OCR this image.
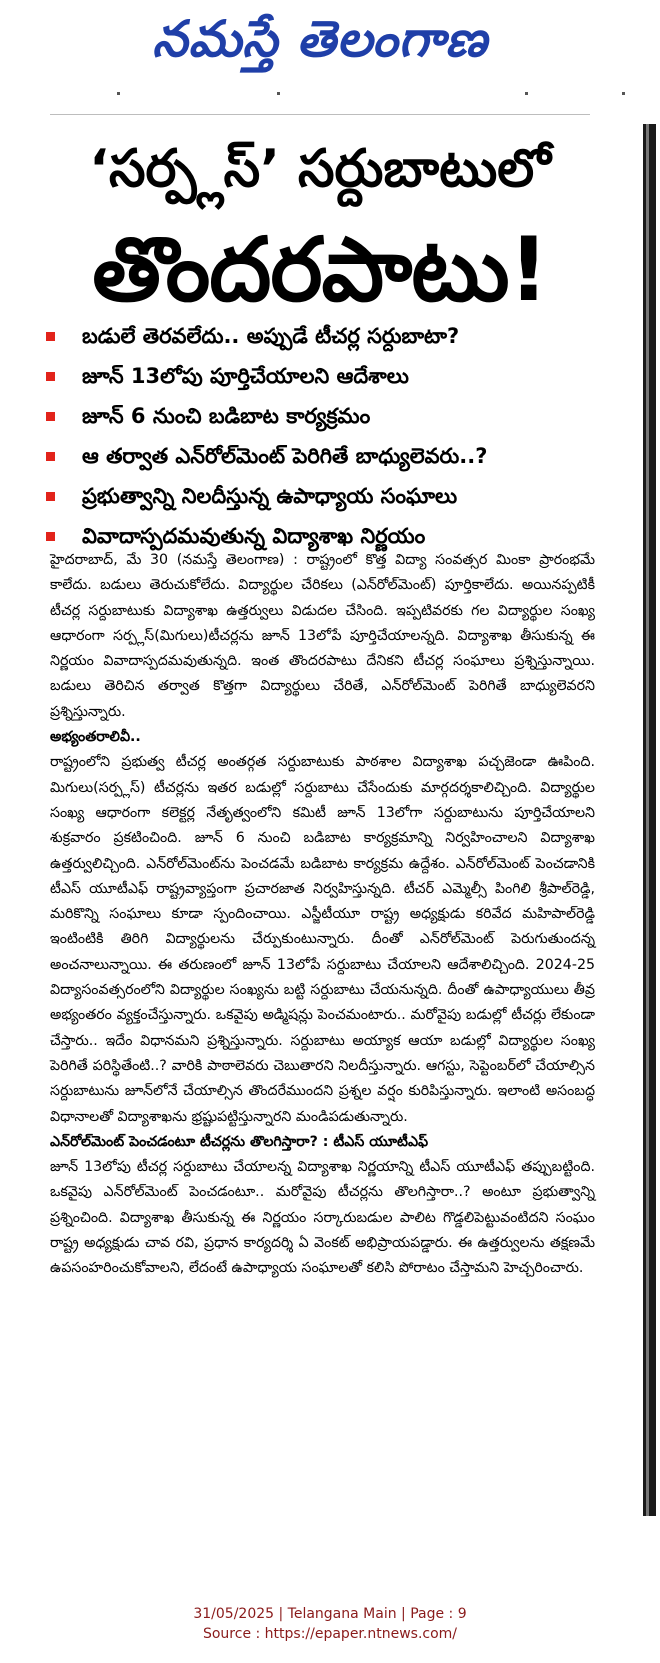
నమస్తే తెలంగాణ
‘సర్ప్లస్’ సర్దుబాటులో
తొందరపాటు!
బడులే తెరవలేదు.. అప్పుడే టీచర్ల సర్దుబాటా?
జూన్ 13లోపు పూర్తిచేయాలని ఆదేశాలు
జూన్ 6 నుంచి బడిబాట కార్యక్రమం
ఆ తర్వాత ఎన్‌రోల్‌మెంట్ పెరిగితే బాధ్యులెవరు..?
ప్రభుత్వాన్ని నిలదీస్తున్న ఉపాధ్యాయ సంఘాలు
వివాదాస్పదమవుతున్న విద్యాశాఖ నిర్ణయం

హైదరాబాద్, మే 30 (నమస్తే తెలంగాణ) : రాష్ట్రంలో కొత్త విద్యా సంవత్సర మింకా ప్రారంభమే కాలేదు. బడులు తెరుచుకోలేదు. విద్యార్థుల చేరికలు (ఎన్‌రోల్‌మెంట్) పూర్తికాలేదు. అయినప్పటికీ టీచర్ల సర్దుబాటుకు విద్యాశాఖ ఉత్తర్వులు విడుదల చేసింది. ఇప్పటివరకు గల విద్యార్థుల సంఖ్య ఆధారంగా సర్ప్లస్(మిగులు)టీచర్లను జూన్ 13లోపే పూర్తిచేయాలన్నది. విద్యాశాఖ తీసుకున్న ఈ నిర్ణయం వివాదాస్పదమవుతున్నది. ఇంత తొందరపాటు దేనికని టీచర్ల సంఘాలు ప్రశ్నిస్తున్నాయి. బడులు తెరిచిన తర్వాత కొత్తగా విద్యార్థులు చేరితే, ఎన్‌రోల్‌మెంట్ పెరిగితే బాధ్యులెవరని ప్రశ్నిస్తున్నారు.

అభ్యంతరాలివీ..

రాష్ట్రంలోని ప్రభుత్వ టీచర్ల అంతర్గత సర్దుబాటుకు పాఠశాల విద్యాశాఖ పచ్చజెండా ఊపింది. మిగులు(సర్ప్లస్) టీచర్లను ఇతర బడుల్లో సర్దుబాటు చేసేందుకు మార్గదర్శకాలిచ్చింది. విద్యార్థుల సంఖ్య ఆధారంగా కలెక్టర్ల నేతృత్వంలోని కమిటీ జూన్ 13లోగా సర్దుబాటును పూర్తిచేయాలని శుక్రవారం ప్రకటించింది. జూన్ 6 నుంచి బడిబాట కార్యక్రమాన్ని నిర్వహించాలని విద్యాశాఖ ఉత్తర్వులిచ్చింది. ఎన్‌రోల్‌మెంట్‌ను పెంచడమే బడిబాట కార్యక్రమ ఉద్దేశం. ఎన్‌రోల్‌మెంట్ పెంచడానికి టీఎస్ యూటీఎఫ్ రాష్ట్రవ్యాప్తంగా ప్రచారజాత నిర్వహిస్తున్నది. టీచర్ ఎమ్మెల్సీ పింగిలి శ్రీపాల్‌రెడ్డి, మరికొన్ని సంఘాలు కూడా స్పందించాయి. ఎస్జీటీయూ రాష్ట్ర అధ్యక్షుడు కరివేద మహిపాల్‌రెడ్డి ఇంటింటికి తిరిగి విద్యార్థులను చేర్పుకుంటున్నారు. దీంతో ఎన్‌రోల్‌మెంట్ పెరుగుతుందన్న అంచనాలున్నాయి. ఈ తరుణంలో జూన్ 13లోపే సర్దుబాటు చేయాలని ఆదేశాలిచ్చింది. 2024-25 విద్యాసంవత్సరంలోని విద్యార్థుల సంఖ్యను బట్టి సర్దుబాటు చేయనున్నది. దీంతో ఉపాధ్యాయులు తీవ్ర అభ్యంతరం వ్యక్తంచేస్తున్నారు. ఒకవైపు అడ్మిషన్లు పెంచమంటారు.. మరోవైపు బడుల్లో టీచర్లు లేకుండా చేస్తారు.. ఇదేం విధానమని ప్రశ్నిస్తున్నారు. సర్దుబాటు అయ్యాక ఆయా బడుల్లో విద్యార్థుల సంఖ్య పెరిగితే పరిస్థితేంటి..? వారికి పాఠాలెవరు చెబుతారని నిలదీస్తున్నారు. ఆగస్టు, సెప్టెంబర్‌లో చేయాల్సిన సర్దుబాటును జూన్‌లోనే చేయాల్సిన తొందరేముందని ప్రశ్నల వర్షం కురిపిస్తున్నారు. ఇలాంటి అసంబద్ధ విధానాలతో విద్యాశాఖను భ్రష్టుపట్టిస్తున్నారని మండిపడుతున్నారు.

ఎన్‌రోల్‌మెంట్ పెంచడంటూ టీచర్లను తొలగిస్తారా? : టీఎస్ యూటీఎఫ్

జూన్ 13లోపు టీచర్ల సర్దుబాటు చేయాలన్న విద్యాశాఖ నిర్ణయాన్ని టీఎస్ యూటీఎఫ్ తప్పుబట్టింది. ఒకవైపు ఎన్‌రోల్‌మెంట్ పెంచడంటూ.. మరోవైపు టీచర్లను తొలగిస్తారా..? అంటూ ప్రభుత్వాన్ని ప్రశ్నించింది. విద్యాశాఖ తీసుకున్న ఈ నిర్ణయం సర్కారుబడుల పాలిట గొడ్డలిపెట్టువంటిదని సంఘం రాష్ట్ర అధ్యక్షుడు చావ రవి, ప్రధాన కార్యదర్శి ఏ వెంకట్ అభిప్రాయపడ్డారు. ఈ ఉత్తర్వులను తక్షణమే ఉపసంహరించుకోవాలని, లేదంటే ఉపాధ్యాయ సంఘాలతో కలిసి పోరాటం చేస్తామని హెచ్చరించారు.

31/05/2025 | Telangana Main | Page : 9
Source : https://epaper.ntnews.com/
